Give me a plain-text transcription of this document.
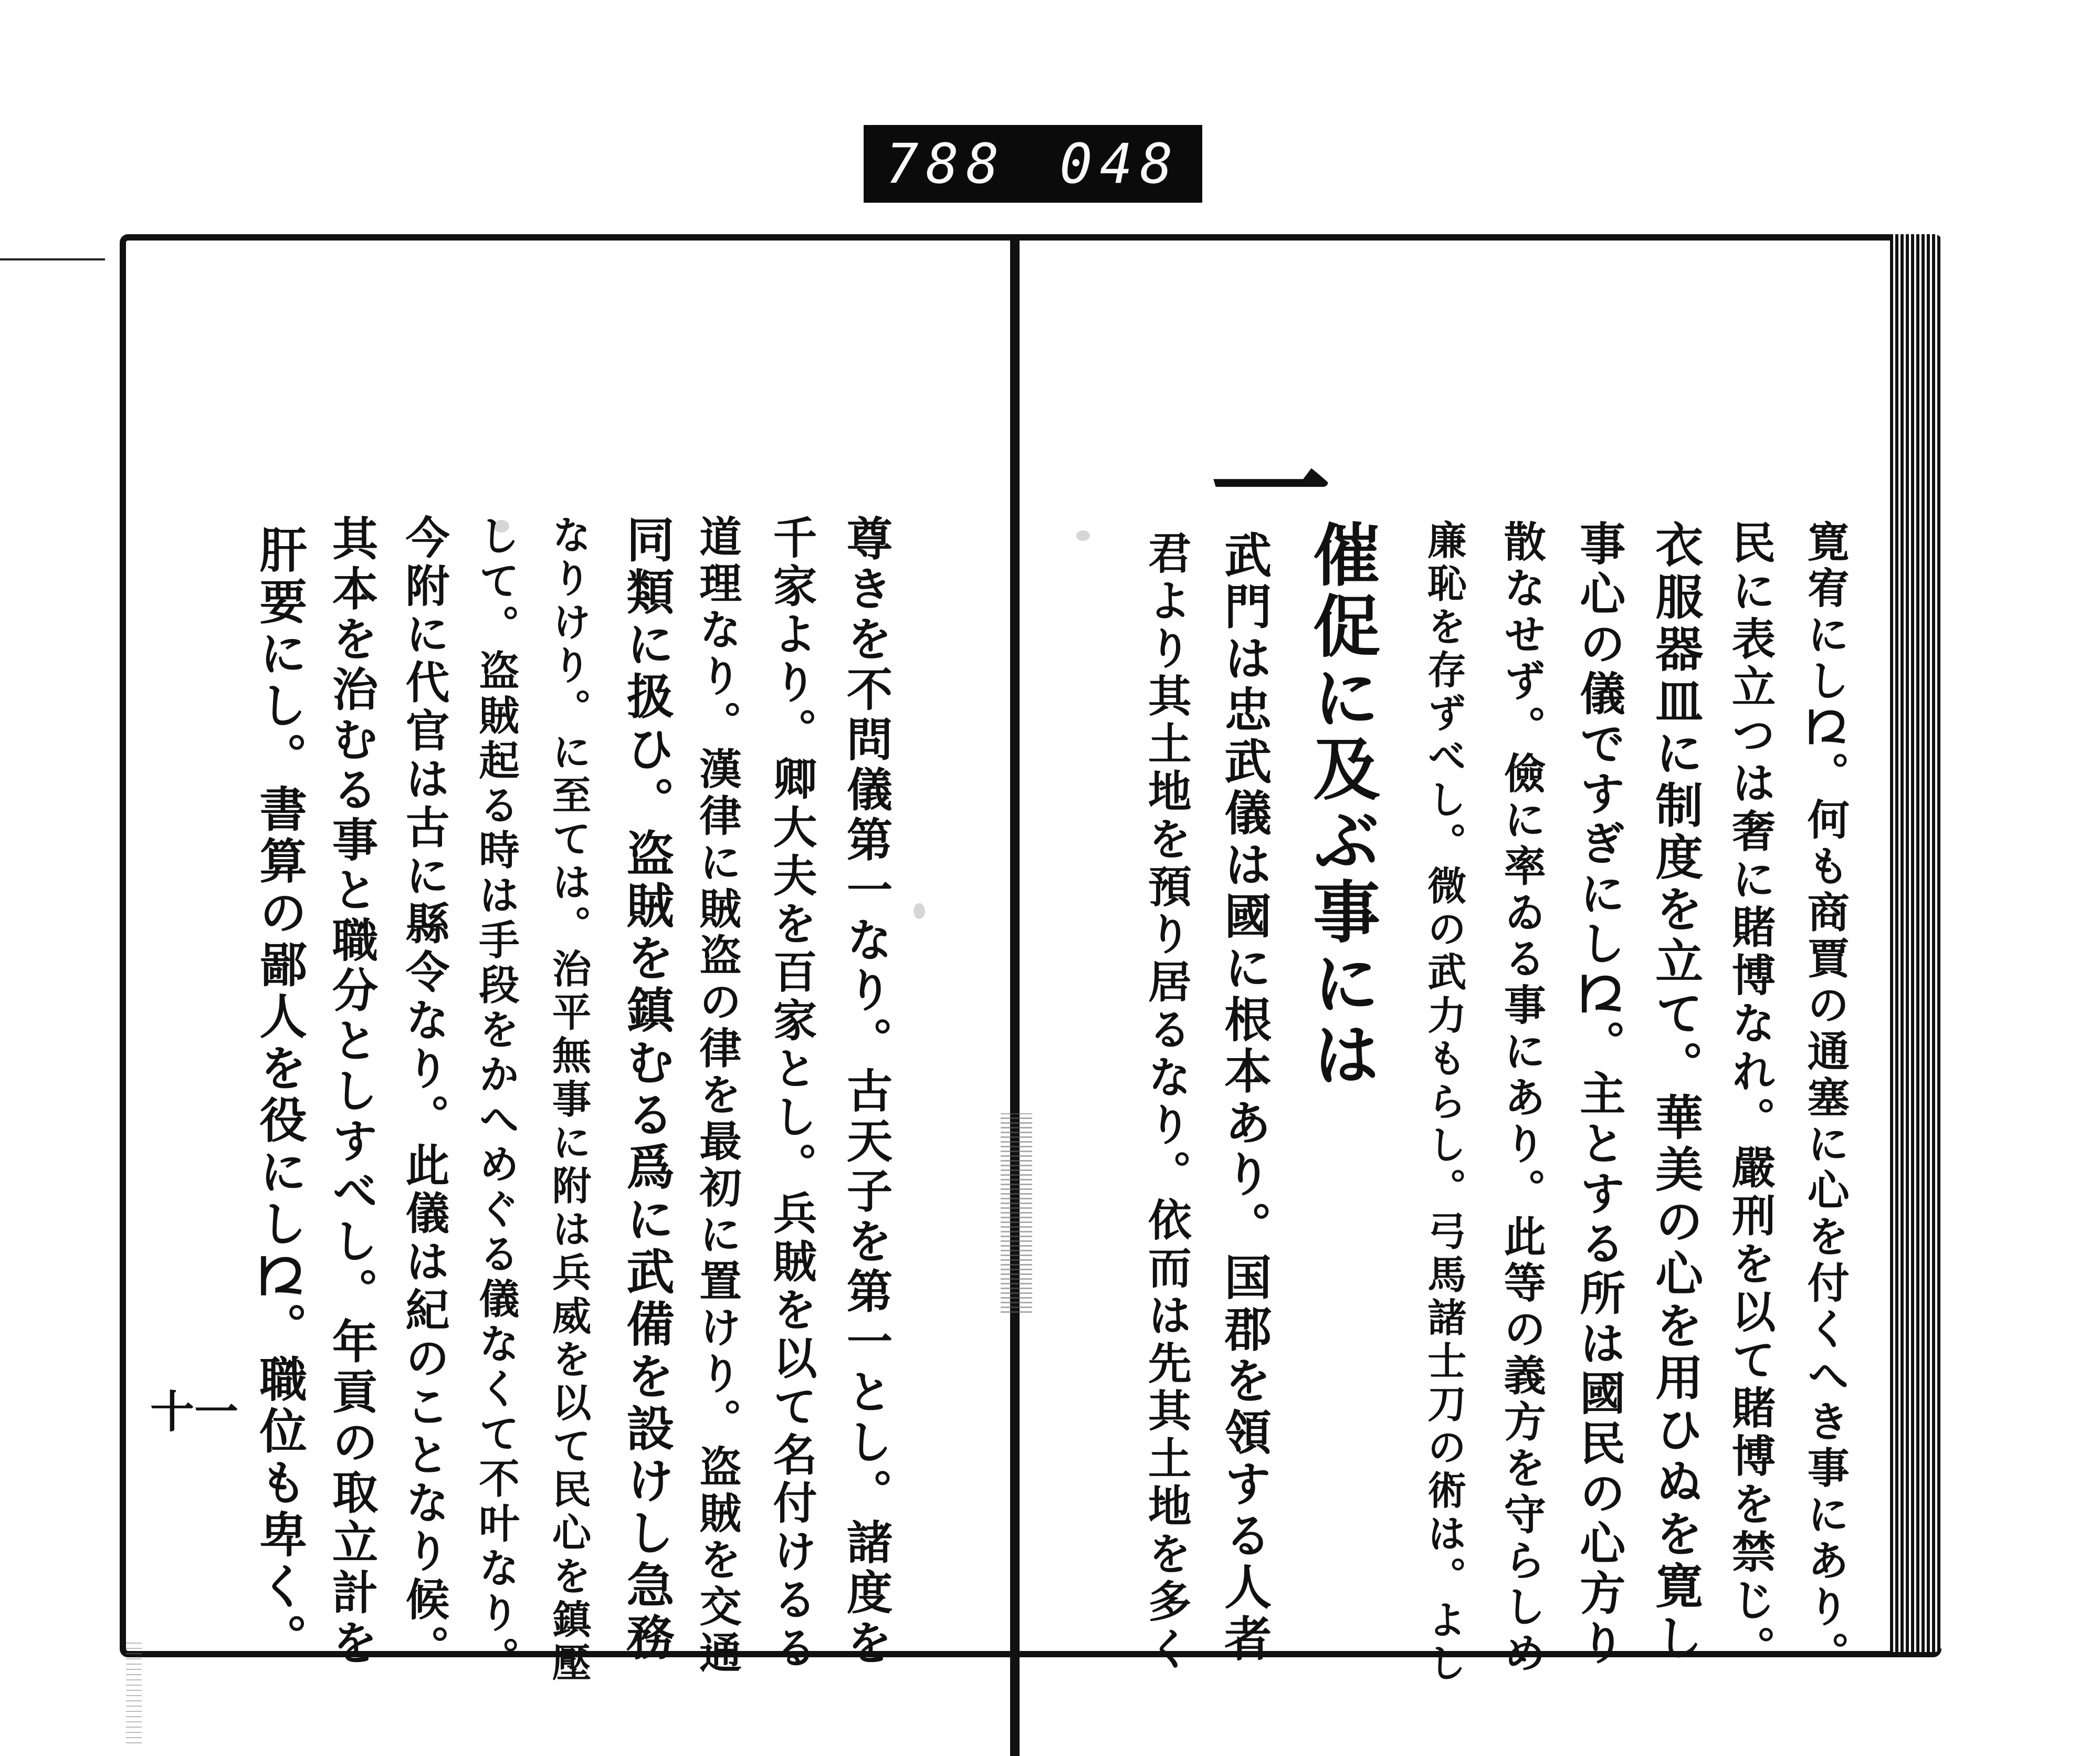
788 048
寛宥にし𛀁。何も商賈の通塞に心を付くへき事にあり。
民に表立つは奢に賭博なれ。嚴刑を以て賭博を禁じ。
衣服器皿に制度を立て。華美の心を用ひぬを寛し
事心の儀ですぎにし𛀁。主とする所は國民の心方り
散なせず。儉に率ゐる事にあり。此等の義方を守らしめ
廉恥を存ずべし。微の武力もらし。弓馬諸士刀の術は。よし
催促に及ぶ事には
一
武門は忠武儀は國に根本あり。国郡を領する人者
君より其土地を預り居るなり。依而は先其土地を多く
尊きを不問儀第一なり。古天子を第一とし。諸度を
千家より。卿大夫を百家とし。兵賊を以て名付けるる
道理なり。漢律に賊盗の律を最初に置けり。盗賊を交通
同類に扱ひ。盗賊を鎮むる爲に武備を設けし急務
なりけり。に至ては。治平無事に附は兵威を以て民心を鎮壓
して。盗賊起る時は手段をかへめぐる儀なくて不叶なり。
今附に代官は古に縣令なり。此儀は紀のことなり候。
其本を治むる事と職分としすべし。年貢の取立計を
肝要にし。書算の鄙人を役にし𛀁。職位も卑く。
十一
